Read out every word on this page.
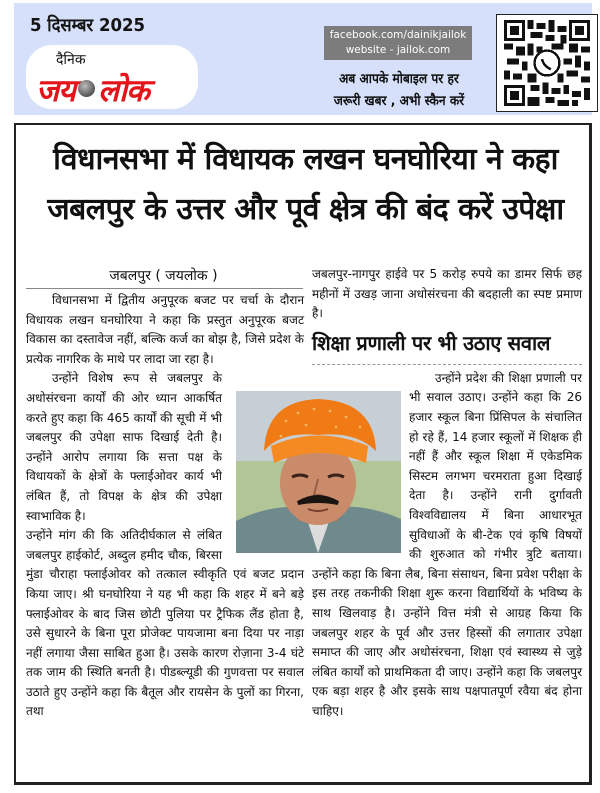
5 दिसम्बर 2025
दैनिक
जय लोक
facebook.com/dainikjailok
website - jailok.com
अब आपके मोबाइल पर हर
जरूरी खबर , अभी स्कैन करें
विधानसभा में विधायक लखन घनघोरिया ने कहा
जबलपुर के उत्तर और पूर्व क्षेत्र की बंद करें उपेक्षा
जबलपुर ( जयलोक )

विधानसभा में द्वितीय अनुपूरक बजट पर चर्चा के दौरान विधायक लखन घनघोरिया ने कहा कि प्रस्तुत अनुपूरक बजट विकास का दस्तावेज नहीं, बल्कि कर्ज का बोझ है, जिसे प्रदेश के प्रत्येक नागरिक के माथे पर लादा जा रहा है।

उन्होंने विशेष रूप से जबलपुर के अधोसंरचना कार्यों की ओर ध्यान आकर्षित करते हुए कहा कि 465 कार्यों की सूची में भी जबलपुर की उपेक्षा साफ दिखाई देती है। उन्होंने आरोप लगाया कि सत्ता पक्ष के विधायकों के क्षेत्रों के फ्लाईओवर कार्य भी लंबित हैं, तो विपक्ष के क्षेत्र की उपेक्षा स्वाभाविक है।

उन्होंने मांग की कि अतिदीर्घकाल से लंबित जबलपुर हाईकोर्ट, अब्दुल हमीद चौक, बिरसा मुंडा चौराहा फ्लाईओवर को तत्काल स्वीकृति एवं बजट प्रदान किया जाए। श्री घनघोरिया ने यह भी कहा कि शहर में बने बड़े फ्लाईओवर के बाद जिस छोटी पुलिया पर ट्रैफिक लैंड होता है, उसे सुधारने के बिना पूरा प्रोजेक्ट पायजामा बना दिया पर नाड़ा नहीं लगाया जैसा साबित हुआ है। उसके कारण रोज़ाना 3-4 घंटे तक जाम की स्थिति बनती है। पीडब्ल्यूडी की गुणवत्ता पर सवाल उठाते हुए उन्होंने कहा कि बैतूल और रायसेन के पुलों का गिरना, तथा

जबलपुर-नागपुर हाईवे पर 5 करोड़ रुपये का डामर सिर्फ छह महीनों में उखड़ जाना अधोसंरचना की बदहाली का स्पष्ट प्रमाण है।

शिक्षा प्रणाली पर भी उठाए सवाल

उन्होंने प्रदेश की शिक्षा प्रणाली पर भी सवाल उठाए। उन्होंने कहा कि 26 हजार स्कूल बिना प्रिंसिपल के संचालित हो रहे हैं, 14 हजार स्कूलों में शिक्षक ही नहीं हैं और स्कूल शिक्षा में एकेडमिक सिस्टम लगभग चरमराता हुआ दिखाई देता है। उन्होंने रानी दुर्गावती विश्वविद्यालय में बिना आधारभूत सुविधाओं के बी-टेक एवं कृषि विषयों की शुरुआत को गंभीर त्रुटि बताया। उन्होंने कहा कि बिना लैब, बिना संसाधन, बिना प्रवेश परीक्षा के इस तरह तकनीकी शिक्षा शुरू करना विद्यार्थियों के भविष्य के साथ खिलवाड़ है। उन्होंने वित्त मंत्री से आग्रह किया कि जबलपुर शहर के पूर्व और उत्तर हिस्सों की लगातार उपेक्षा समाप्त की जाए और अधोसंरचना, शिक्षा एवं स्वास्थ्य से जुड़े लंबित कार्यों को प्राथमिकता दी जाए। उन्होंने कहा कि जबलपुर एक बड़ा शहर है और इसके साथ पक्षपातपूर्ण रवैया बंद होना चाहिए।
